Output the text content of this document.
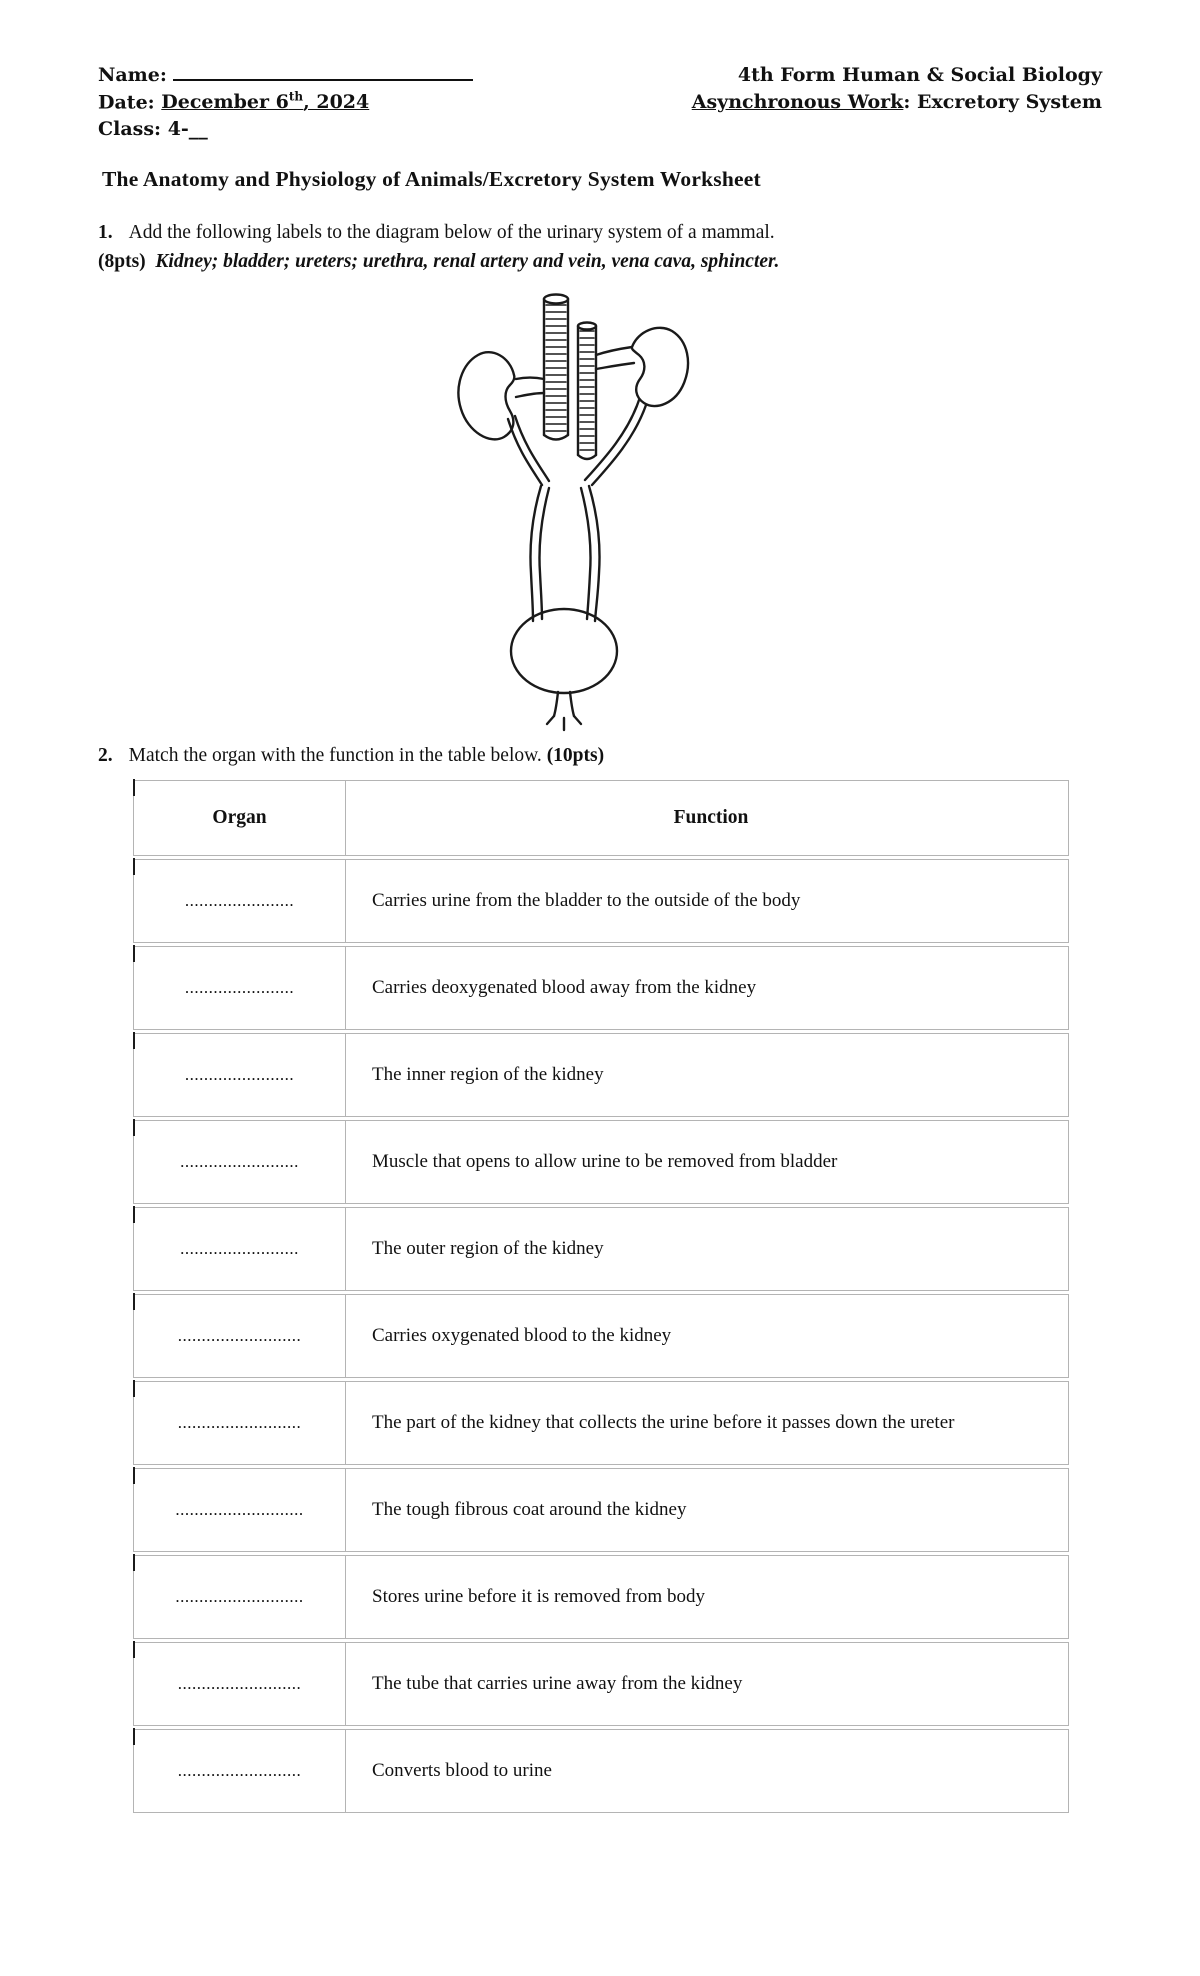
Name:
Date: December 6th, 2024
Class: 4-__
4th Form Human & Social Biology
Asynchronous Work: Excretory System
The Anatomy and Physiology of Animals/Excretory System Worksheet

1. Add the following labels to the diagram below of the urinary system of a mammal.
(8pts) Kidney; bladder; ureters; urethra, renal artery and vein, vena cava, sphincter.

2. Match the organ with the function in the table below. (10pts)

Organ	Function
.......................	Carries urine from the bladder to the outside of the body
.......................	Carries deoxygenated blood away from the kidney
.......................	The inner region of the kidney
.........................	Muscle that opens to allow urine to be removed from bladder
.........................	The outer region of the kidney
..........................	Carries oxygenated blood to the kidney
..........................	The part of the kidney that collects the urine before it passes down the ureter
...........................	The tough fibrous coat around the kidney
...........................	Stores urine before it is removed from body
..........................	The tube that carries urine away from the kidney
..........................	Converts blood to urine
